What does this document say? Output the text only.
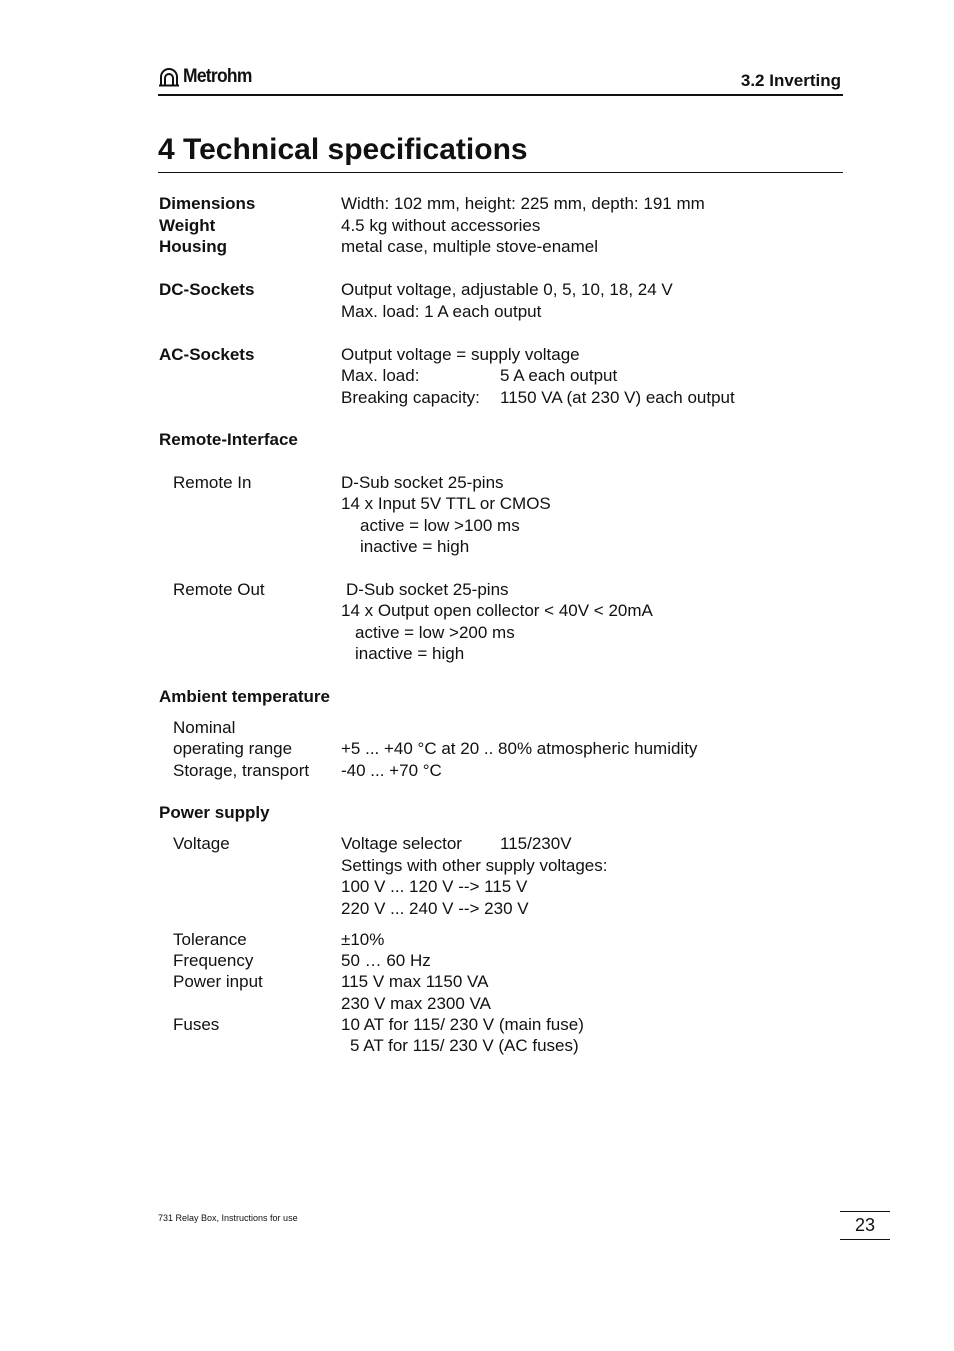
Metrohm	3.2 Inverting
4 Technical specifications
Dimensions	Width: 102 mm, height: 225 mm, depth: 191 mm
Weight	4.5 kg without accessories
Housing	metal case, multiple stove-enamel
DC-Sockets	Output voltage, adjustable 0, 5, 10, 18, 24 V
Max. load: 1 A each output
AC-Sockets	Output voltage = supply voltage
Max. load:	5 A each output
Breaking capacity: 1150 VA (at 230 V) each output
Remote-Interface
Remote In	D-Sub socket 25-pins
14 x Input 5V TTL or CMOS
active = low >100 ms
inactive = high
Remote Out	D-Sub socket 25-pins
14 x Output open collector < 40V < 20mA
active = low >200 ms
inactive = high
Ambient temperature
Nominal
operating range	+5 ... +40 °C at 20 .. 80% atmospheric humidity
Storage, transport -40 ... +70 °C
Power supply
Voltage	Voltage selector 115/230V
Settings with other supply voltages:
100 V ... 120 V --> 115 V
220 V ... 240 V --> 230 V
Tolerance	±10%
Frequency	50 … 60 Hz
Power input	115 V max 1150 VA
230 V max 2300 VA
Fuses	10 AT for 115/ 230 V (main fuse)
5 AT for 115/ 230 V (AC fuses)
731 Relay Box, Instructions for use	23
